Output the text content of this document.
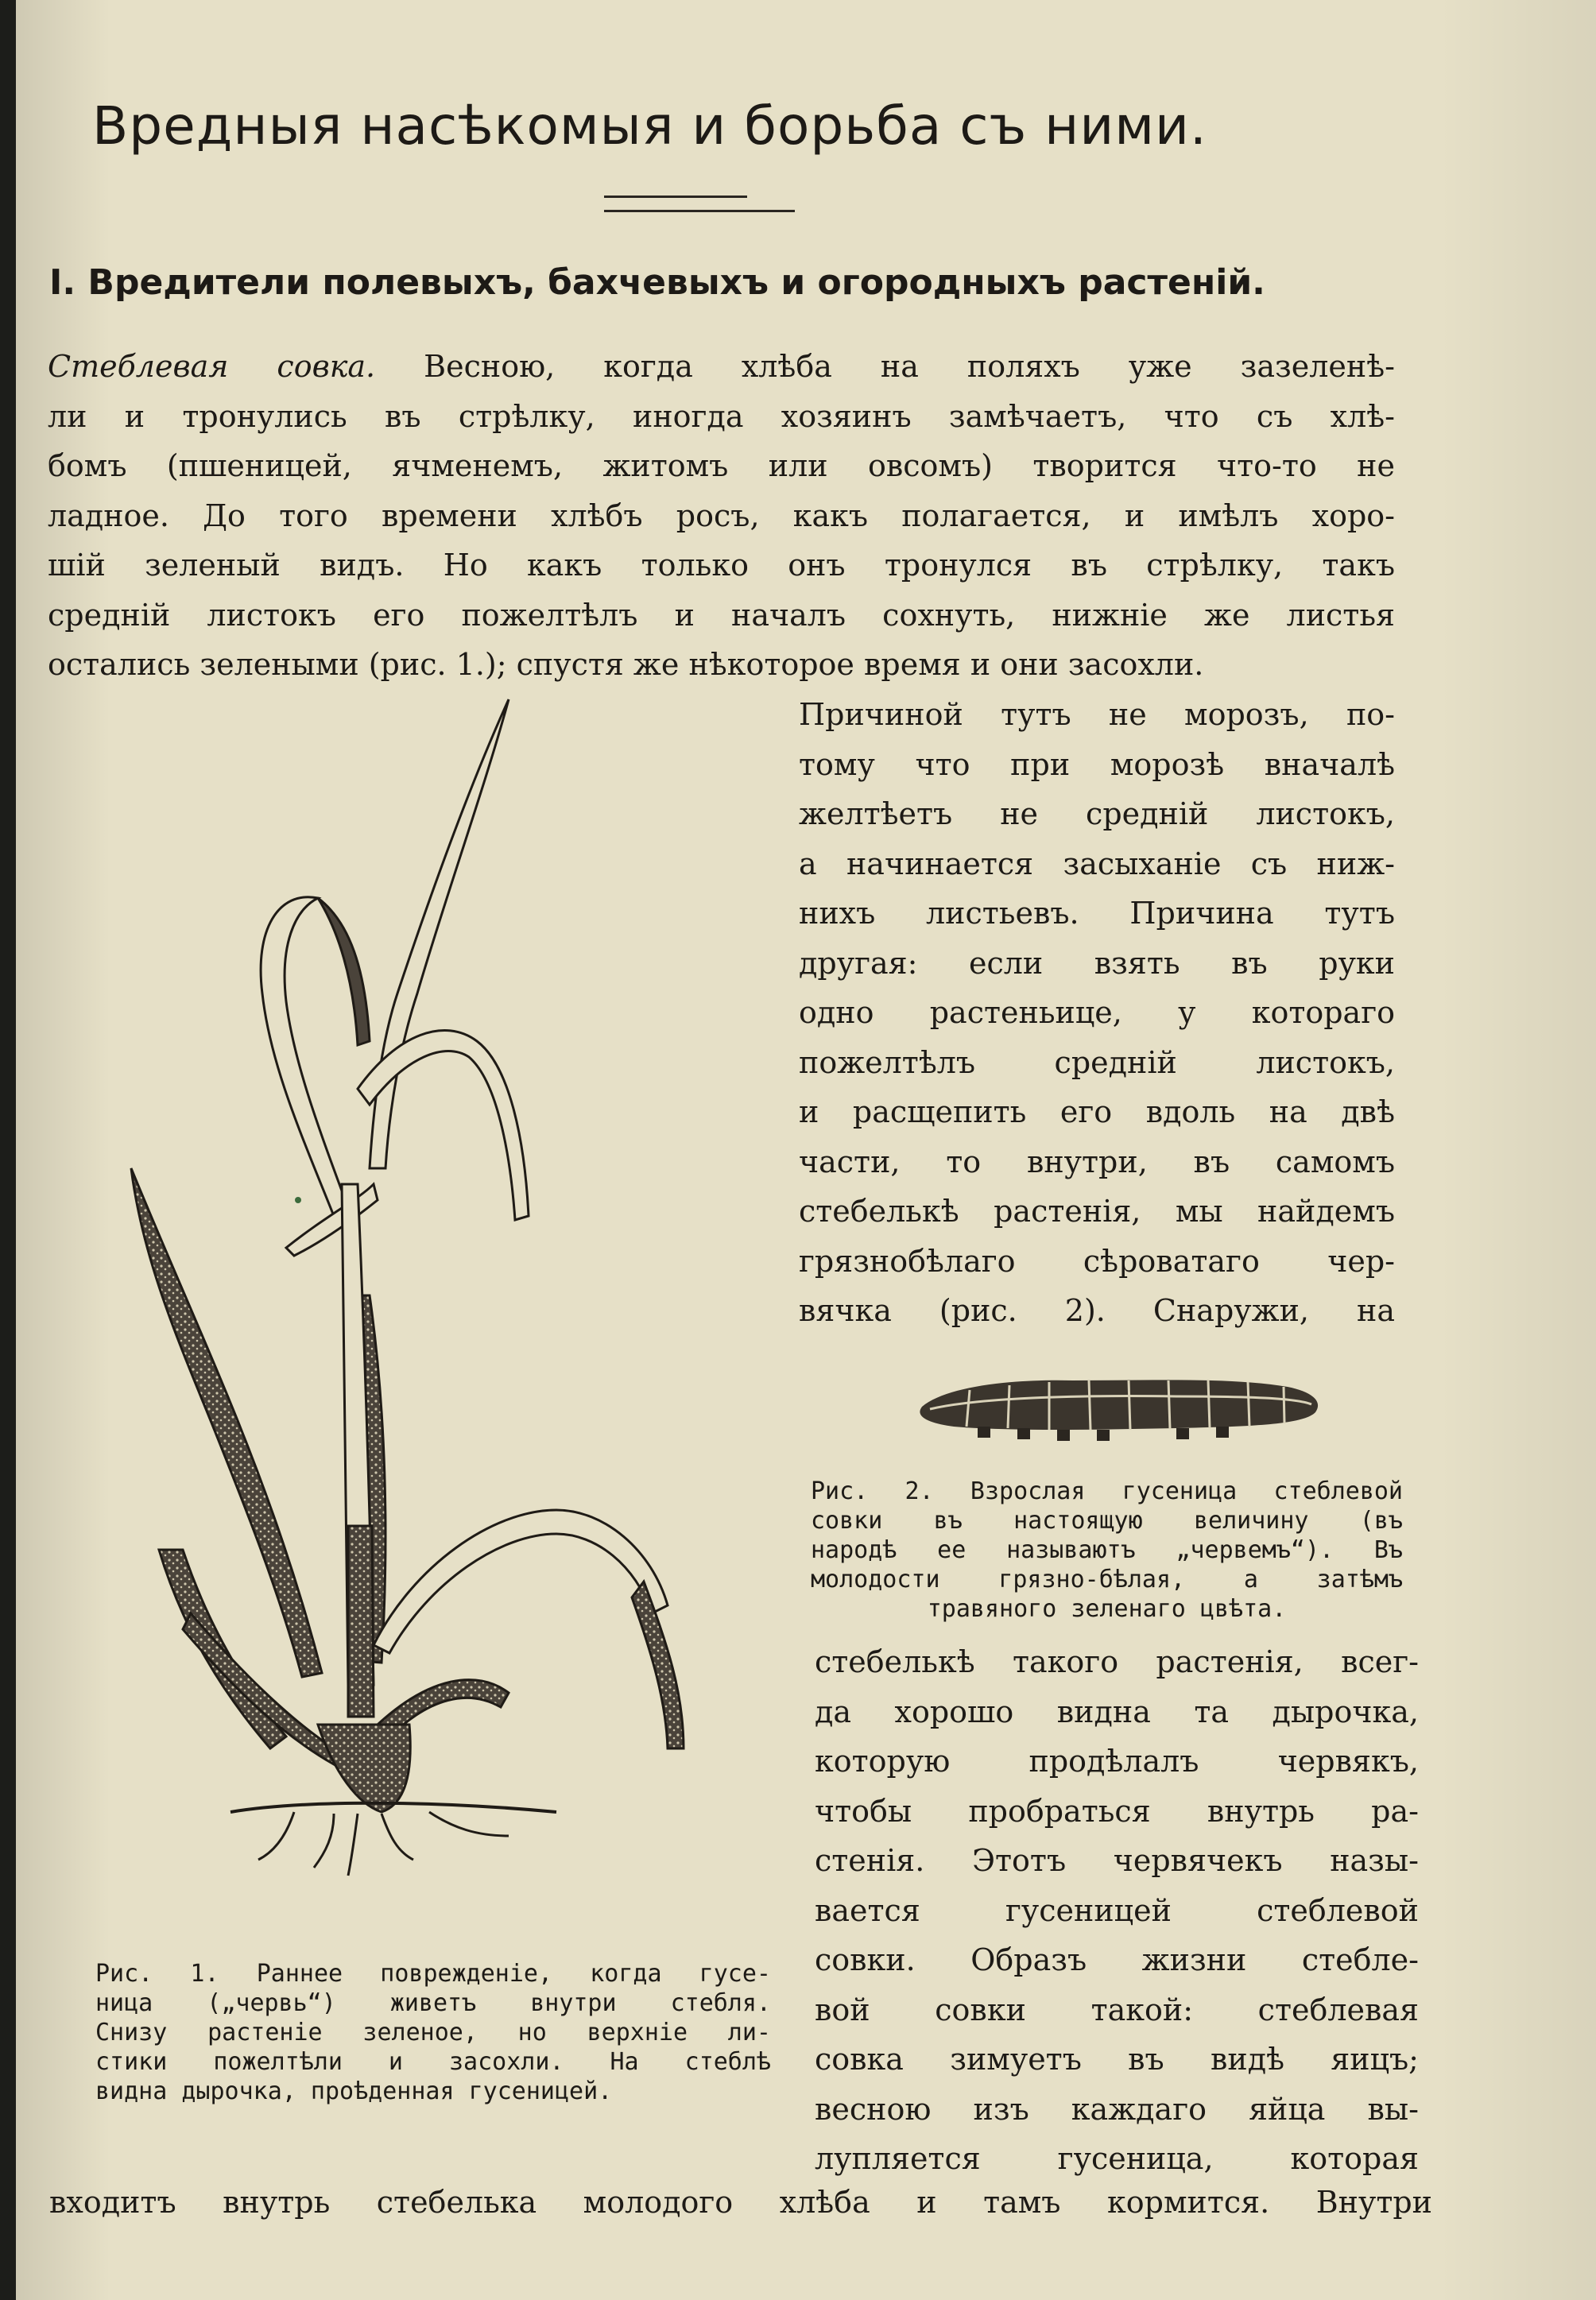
Вредныя насѣкомыя и борьба съ ними.
І. Вредители полевыхъ, бахчевыхъ и огородныхъ растеній.
Стеблевая совка. Весною, когда хлѣба на поляхъ уже зазеленѣ-
ли и тронулись въ стрѣлку, иногда хозяинъ замѣчаетъ, что съ хлѣ-
бомъ (пшеницей, ячменемъ, житомъ или овсомъ) творится что-то не
ладное. До того времени хлѣбъ росъ, какъ полагается, и имѣлъ хоро-
шій зеленый видъ. Но какъ только онъ тронулся въ стрѣлку, такъ
средній листокъ его пожелтѣлъ и началъ сохнуть, нижніе же листья
остались зелеными (рис. 1.); спустя же нѣкоторое время и они засохли.
Причиной тутъ не морозъ, по-
тому что при морозѣ вначалѣ
желтѣетъ не средній листокъ,
а начинается засыханіе съ ниж-
нихъ листьевъ. Причина тутъ
другая: если взять въ руки
одно растеньице, у котораго
пожелтѣлъ средній листокъ,
и расщепить его вдоль на двѣ
части, то внутри, въ самомъ
стебелькѣ растенія, мы найдемъ
грязнобѣлаго сѣроватаго чер-
вячка (рис. 2). Снаружи, на
Рис. 2. Взрослая гусеница стеблевой
совки въ настоящую величину (въ
народѣ ее называютъ „червемъ“). Въ
молодости грязно-бѣлая, а затѣмъ
травяного зеленаго цвѣта.
стебелькѣ такого растенія, всег-
да хорошо видна та дырочка,
которую продѣлалъ червякъ,
чтобы пробраться внутрь ра-
стенія. Этотъ червячекъ назы-
вается гусеницей стеблевой
совки. Образъ жизни стебле-
вой совки такой: стеблевая
совка зимуетъ въ видѣ яицъ;
весною изъ каждаго яйца вы-
лупляется гусеница, которая
Рис. 1. Раннее поврежденіе, когда гусе-
ница („червь“) живетъ внутри стебля.
Снизу растеніе зеленое, но верхніе ли-
стики пожелтѣли и засохли. На стеблѣ
видна дырочка, проѣденная гусеницей.
входитъ внутрь стебелька молодого хлѣба и тамъ кормится. Внутри
